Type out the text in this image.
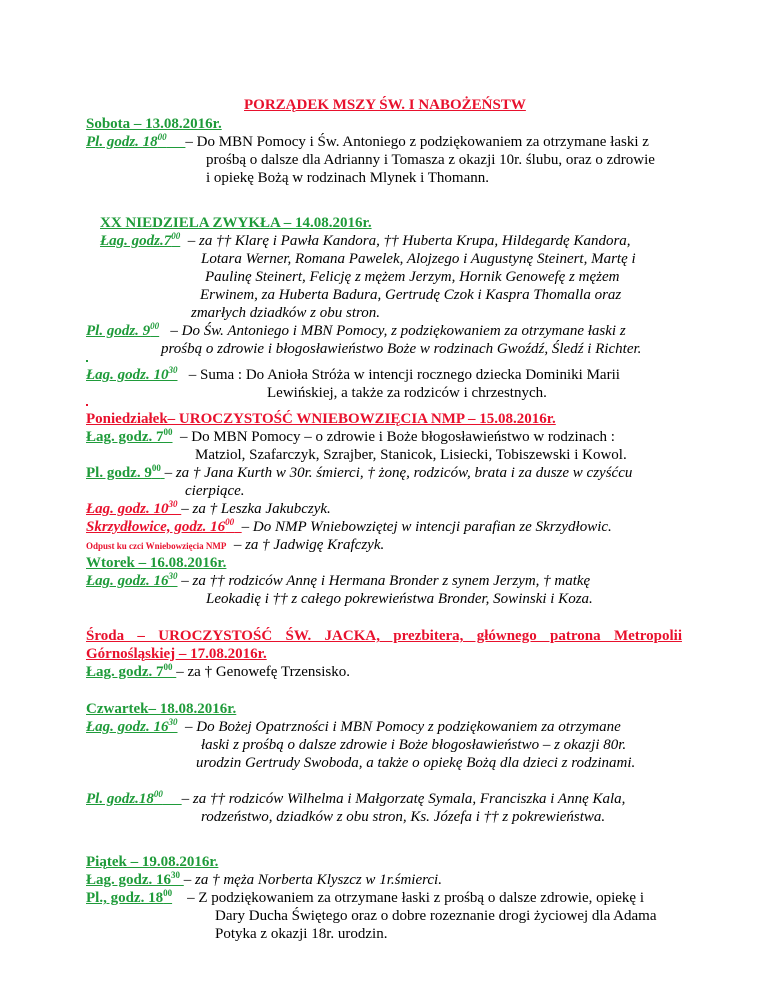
PORZĄDEK MSZY ŚW. I NABOŻEŃSTW
Sobota – 13.08.2016r.
Pl. godz. $18^{00}$ – Do MBN Pomocy i Św. Antoniego z podziękowaniem za otrzymane łaski z
prośbą o dalsze dla Adrianny i Tomasza z okazji 10r. ślubu, oraz o zdrowie
i opiekę Bożą w rodzinach Mlynek i Thomann.
XX NIEDZIELA ZWYKŁA – 14.08.2016r.
Łag. $godz.7^{00}$ – za †† Klarę i Pawła Kandora, †† Huberta Krupa, Hildegardę Kandora,
Lotara Werner, Romana Pawelek, Alojzego i Augustynę Steinert, Martę i
Paulinę Steinert, Felicję z mężem Jerzym, Hornik Genowefę z mężem
Erwinem, za Huberta Badura, Gertrudę Czok i Kaspra Thomalla oraz
zmarłych dziadków z obu stron.
Pl. godz. $9^{00}$ – Do Św. Antoniego i MBN Pomocy, z podziękowaniem za otrzymane łaski z
prośbą o zdrowie i błogosławieństwo Boże w rodzinach Gwoźdź, Śledź i Richter.
Łag. godz. $10^{30}$ – Suma : Do Anioła Stróża w intencji rocznego dziecka Dominiki Marii
Lewińskiej, a także za rodziców i chrzestnych.
Poniedziałek– UROCZYSTOŚĆ WNIEBOWZIĘCIA NMP – 15.08.2016r.
Łag. godz. $7^{00}$ – Do MBN Pomocy – o zdrowie i Boże błogosławieństwo w rodzinach :
Matziol, Szafarczyk, Szrajber, Stanicok, Lisiecki, Tobiszewski i Kowol.
Pl. godz. $9^{00}$ – za † Jana Kurth w 30r. śmierci, † żonę, rodziców, brata i za dusze w czyśćcu
cierpiące.
Łag. godz. $10^{30}$ – za † Leszka Jakubczyk.
Skrzydłowice, godz. $16^{00}$ – Do NMP Wniebowziętej w intencji parafian ze Skrzydłowic.
Odpust ku czci Wniebowzięcia NMP – za † Jadwigę Krafczyk.
Wtorek – 16.08.2016r.
Łag. godz. $16^{30}$ – za †† rodziców Annę i Hermana Bronder z synem Jerzym, † matkę
Leokadię i †† z całego pokrewieństwa Bronder, Sowinski i Koza.
Środa – UROCZYSTOŚĆ ŚW. JACKA, prezbitera, głównego patrona Metropolii
Górnośląskiej – 17.08.2016r.
Łag. godz. $7^{00}$ – za † Genowefę Trzensisko.
Czwartek– 18.08.2016r.
Łag. godz. $16^{30}$ – Do Bożej Opatrzności i MBN Pomocy z podziękowaniem za otrzymane
łaski z prośbą o dalsze zdrowie i Boże błogosławieństwo – z okazji 80r.
urodzin Gertrudy Swoboda, a także o opiekę Bożą dla dzieci z rodzinami.
Pl. $godz.18^{00}$ – za †† rodziców Wilhelma i Małgorzatę Symala, Franciszka i Annę Kala,
rodzeństwo, dziadków z obu stron, Ks. Józefa i †† z pokrewieństwa.
Piątek – 19.08.2016r.
Łag. godz. $16^{30}$ – za † męża Norberta Klyszcz w 1r.śmierci.
Pl., godz. $18^{00}$ – Z podziękowaniem za otrzymane łaski z prośbą o dalsze zdrowie, opiekę i
Dary Ducha Świętego oraz o dobre rozeznanie drogi życiowej dla Adama
Potyka z okazji 18r. urodzin.
